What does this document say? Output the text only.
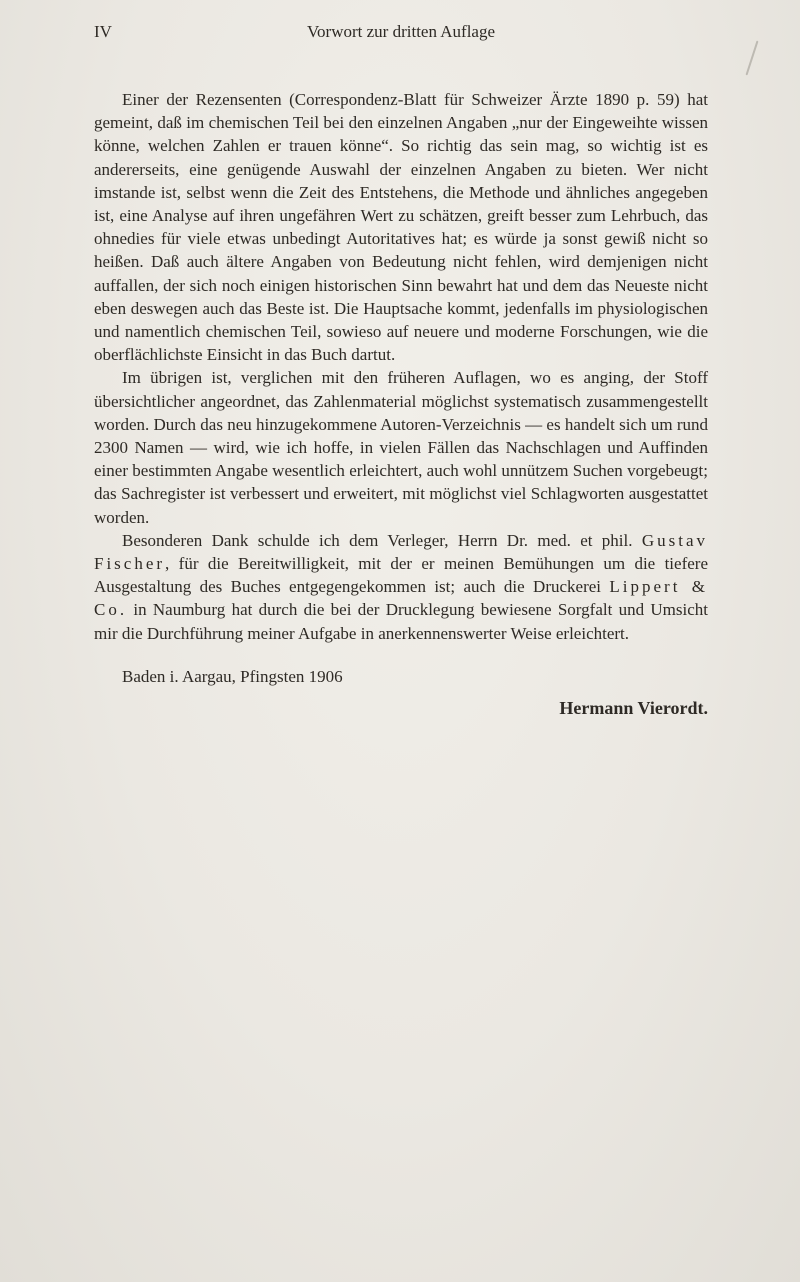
IV	Vorwort zur dritten Auflage

Einer der Rezensenten (Correspondenz-Blatt für Schweizer Ärzte 1890 p. 59) hat gemeint, daß im chemischen Teil bei den einzelnen Angaben „nur der Eingeweihte wissen könne, welchen Zahlen er trauen könne“. So richtig das sein mag, so wichtig ist es andererseits, eine genügende Auswahl der einzelnen Angaben zu bieten. Wer nicht imstande ist, selbst wenn die Zeit des Entstehens, die Methode und ähnliches angegeben ist, eine Analyse auf ihren ungefähren Wert zu schätzen, greift besser zum Lehrbuch, das ohnedies für viele etwas unbedingt Autoritatives hat; es würde ja sonst gewiß nicht so heißen. Daß auch ältere Angaben von Bedeutung nicht fehlen, wird demjenigen nicht auffallen, der sich noch einigen historischen Sinn bewahrt hat und dem das Neueste nicht eben deswegen auch das Beste ist. Die Hauptsache kommt, jedenfalls im physiologischen und namentlich chemischen Teil, sowieso auf neuere und moderne Forschungen, wie die oberflächlichste Einsicht in das Buch dartut.

Im übrigen ist, verglichen mit den früheren Auflagen, wo es anging, der Stoff übersichtlicher angeordnet, das Zahlenmaterial möglichst systematisch zusammengestellt worden. Durch das neu hinzugekommene Autoren-Verzeichnis — es handelt sich um rund 2300 Namen — wird, wie ich hoffe, in vielen Fällen das Nachschlagen und Auffinden einer bestimmten Angabe wesentlich erleichtert, auch wohl unnützem Suchen vorgebeugt; das Sachregister ist verbessert und erweitert, mit möglichst viel Schlagworten ausgestattet worden.

Besonderen Dank schulde ich dem Verleger, Herrn Dr. med. et phil. Gustav Fischer, für die Bereitwilligkeit, mit der er meinen Bemühungen um die tiefere Ausgestaltung des Buches entgegengekommen ist; auch die Druckerei Lippert & Co. in Naumburg hat durch die bei der Drucklegung bewiesene Sorgfalt und Umsicht mir die Durchführung meiner Aufgabe in anerkennenswerter Weise erleichtert.

Baden i. Aargau, Pfingsten 1906

Hermann Vierordt.
